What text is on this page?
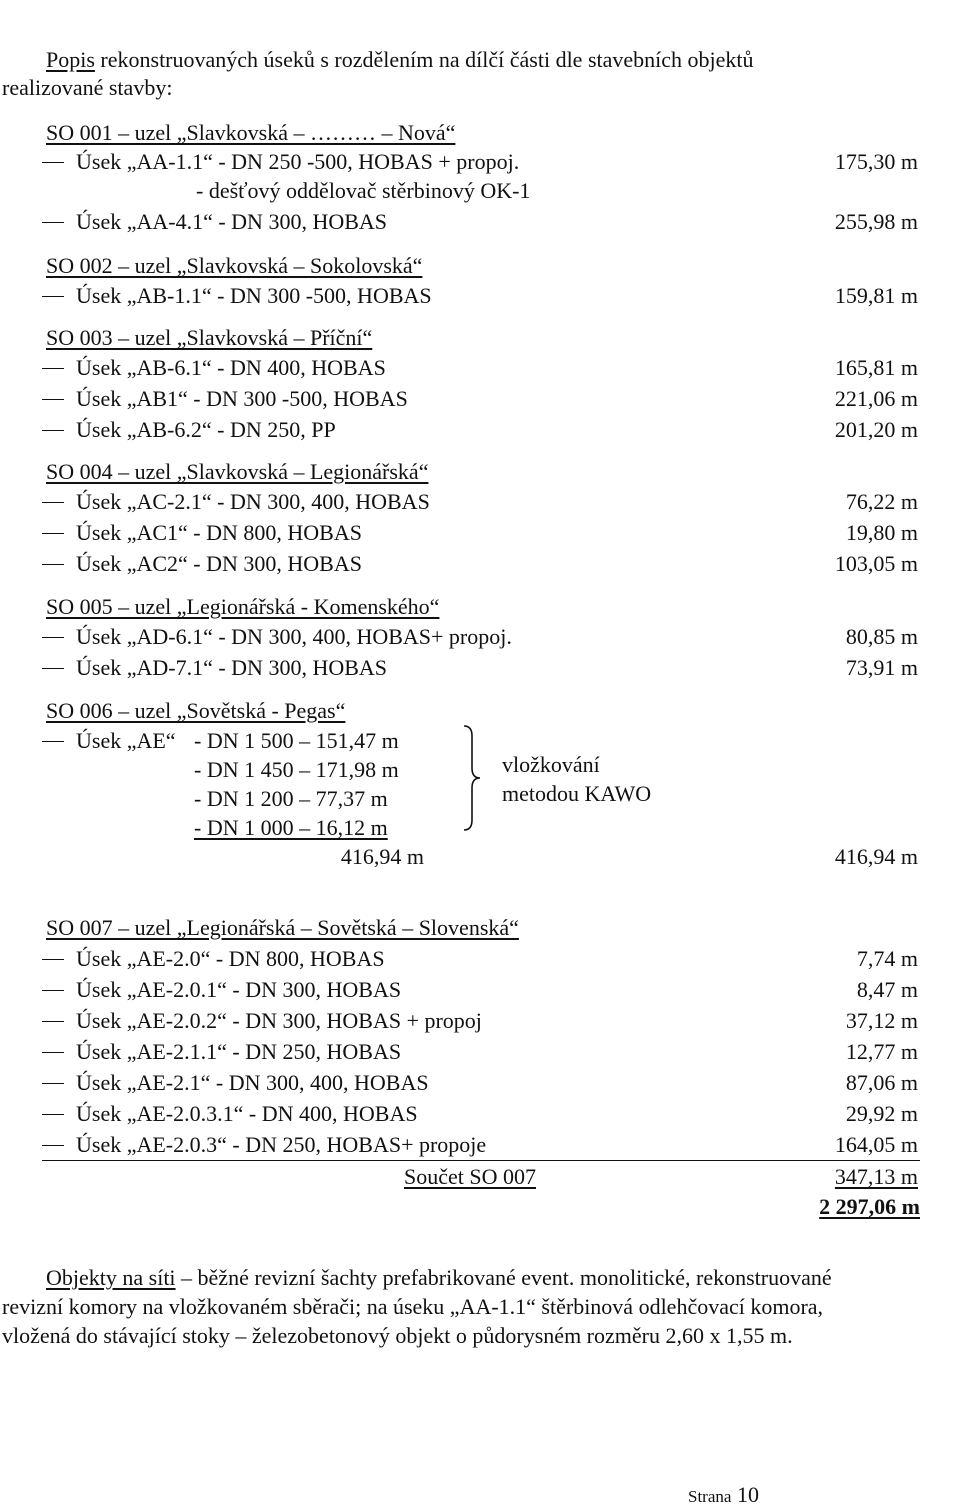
Popis rekonstruovaných úseků s rozdělením na dílčí části dle stavebních objektů
realizované stavby:
SO 001 – uzel „Slavkovská – ……… – Nová“
Úsek „AA-1.1“ - DN 250 -500, HOBAS + propoj.	175,30 m
- dešťový oddělovač stěrbinový OK-1
Úsek „AA-4.1“ - DN 300, HOBAS	255,98 m
SO 002 – uzel „Slavkovská – Sokolovská“
Úsek „AB-1.1“ - DN 300 -500, HOBAS	159,81 m
SO 003 – uzel „Slavkovská – Příční“
Úsek „AB-6.1“ - DN 400, HOBAS	165,81 m
Úsek „AB1“ - DN 300 -500, HOBAS	221,06 m
Úsek „AB-6.2“ - DN 250, PP	201,20 m
SO 004 – uzel „Slavkovská – Legionářská“
Úsek „AC-2.1“ - DN 300, 400, HOBAS	76,22 m
Úsek „AC1“ - DN 800, HOBAS	19,80 m
Úsek „AC2“ - DN 300, HOBAS	103,05 m
SO 005 – uzel „Legionářská - Komenského“
Úsek „AD-6.1“ - DN 300, 400, HOBAS+ propoj.	80,85 m
Úsek „AD-7.1“ - DN 300, HOBAS	73,91 m
SO 006 – uzel „Sovětská - Pegas“
Úsek „AE“ - DN 1 500 – 151,47 m
- DN 1 450 – 171,98 m
- DN 1 200 – 77,37 m
- DN 1 000 – 16,12 m
416,94 m
vložkování
metodou KAWO
416,94 m
SO 007 – uzel „Legionářská – Sovětská – Slovenská“
Úsek „AE-2.0“ - DN 800, HOBAS	7,74 m
Úsek „AE-2.0.1“ - DN 300, HOBAS	8,47 m
Úsek „AE-2.0.2“ - DN 300, HOBAS + propoj	37,12 m
Úsek „AE-2.1.1“ - DN 250, HOBAS	12,77 m
Úsek „AE-2.1“ - DN 300, 400, HOBAS	87,06 m
Úsek „AE-2.0.3.1“ - DN 400, HOBAS	29,92 m
Úsek „AE-2.0.3“ - DN 250, HOBAS+ propoje	164,05 m
Součet SO 007	347,13 m
2 297,06 m
Objekty na síti – běžné revizní šachty prefabrikované event. monolitické, rekonstruované
revizní komory na vložkovaném sběrači; na úseku „AA-1.1“ štěrbinová odlehčovací komora,
vložená do stávající stoky – železobetonový objekt o půdorysném rozměru 2,60 x 1,55 m.
Strana 10
